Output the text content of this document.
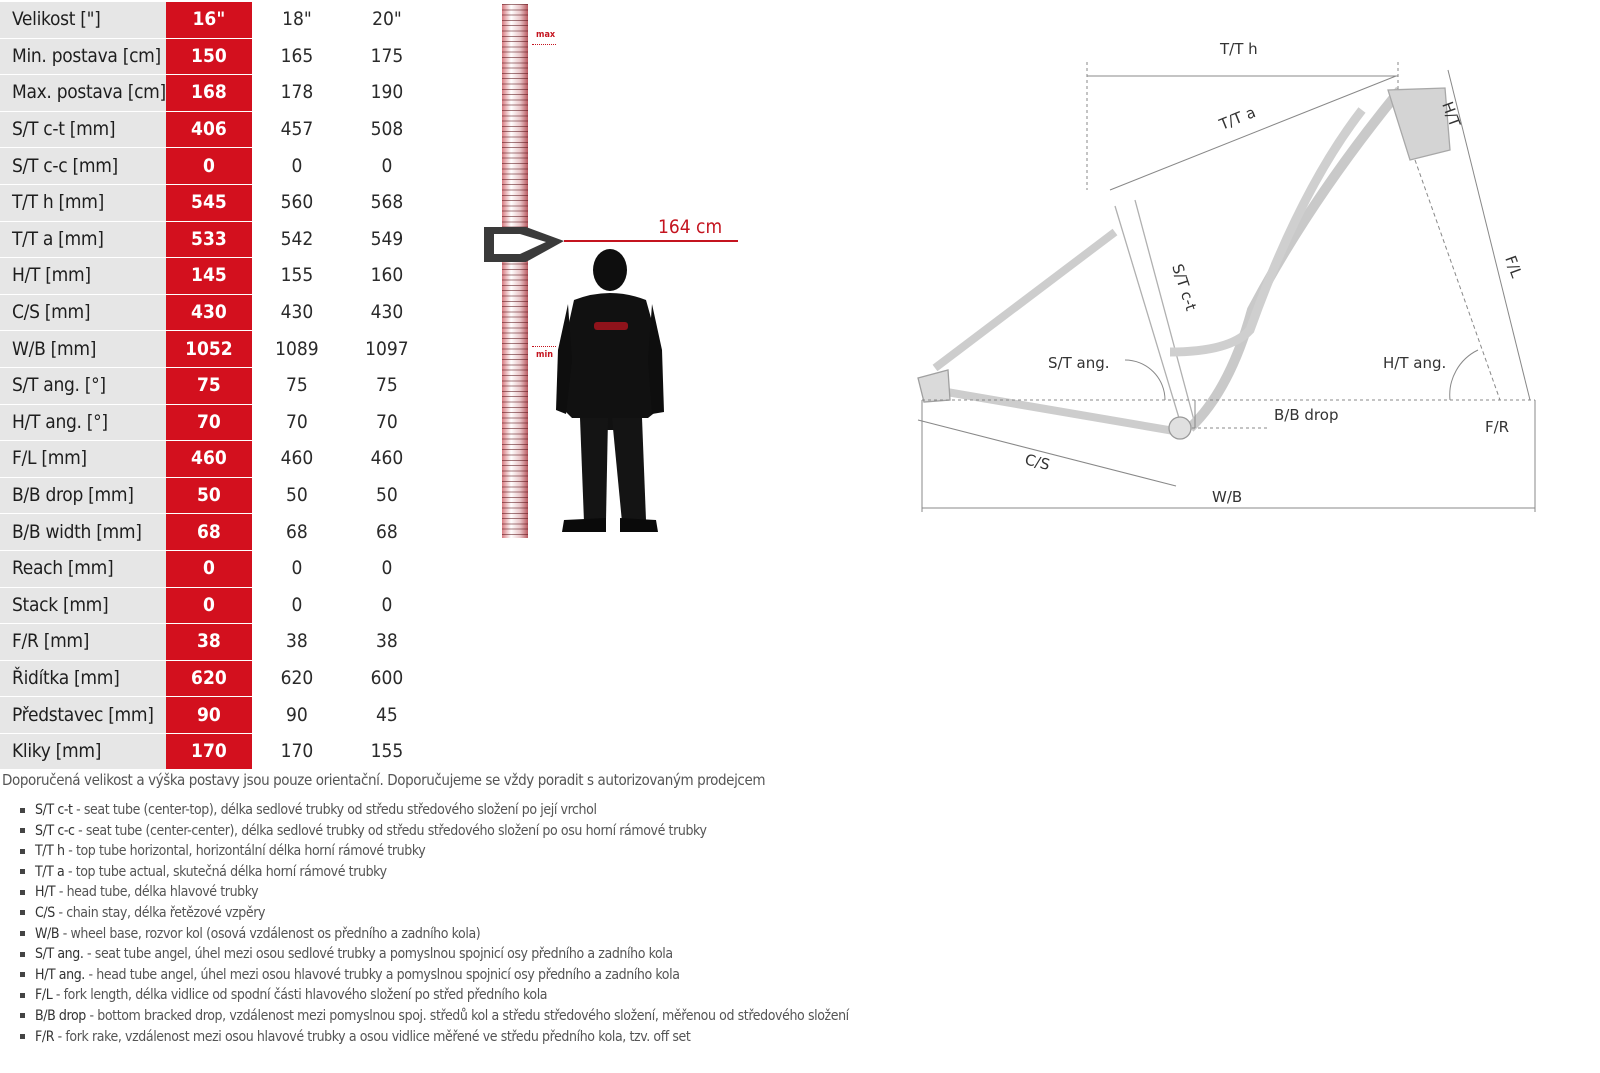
Velikost ["]	16"	18"	20"
Min. postava [cm]	150	165	175
Max. postava [cm]	168	178	190
S/T c-t [mm]	406	457	508
S/T c-c [mm]	0	0	0
T/T h [mm]	545	560	568
T/T a [mm]	533	542	549
H/T [mm]	145	155	160
C/S [mm]	430	430	430
W/B [mm]	1052	1089	1097
S/T ang. [°]	75	75	75
H/T ang. [°]	70	70	70
F/L [mm]	460	460	460
B/B drop [mm]	50	50	50
B/B width [mm]	68	68	68
Reach [mm]	0	0	0
Stack [mm]	0	0	0
F/R [mm]	38	38	38
Řidítka [mm]	620	620	600
Představec [mm]	90	90	45
Kliky [mm]	170	170	155
max
min
164 cm
T/T h
T/T a	H/T
S/T c-t	F/L
S/T ang.	H/T ang.
B/B drop
F/R
C/S
W/B
Doporučená velikost a výška postavy jsou pouze orientační. Doporučujeme se vždy poradit s autorizovaným prodejcem
S/T c-t - seat tube (center-top), délka sedlové trubky od středu středového složení po její vrchol
S/T c-c - seat tube (center-center), délka sedlové trubky od středu středového složení po osu horní rámové trubky
T/T h - top tube horizontal, horizontální délka horní rámové trubky
T/T a - top tube actual, skutečná délka horní rámové trubky
H/T - head tube, délka hlavové trubky
C/S - chain stay, délka řetězové vzpěry
W/B - wheel base, rozvor kol (osová vzdálenost os předního a zadního kola)
S/T ang. - seat tube angel, úhel mezi osou sedlové trubky a pomyslnou spojnicí osy předního a zadního kola
H/T ang. - head tube angel, úhel mezi osou hlavové trubky a pomyslnou spojnicí osy předního a zadního kola
F/L - fork length, délka vidlice od spodní části hlavového složení po střed předního kola
B/B drop - bottom bracked drop, vzdálenost mezi pomyslnou spoj. středů kol a středu středového složení, měřenou od středového složení
F/R - fork rake, vzdálenost mezi osou hlavové trubky a osou vidlice měřené ve středu předního kola, tzv. off set
